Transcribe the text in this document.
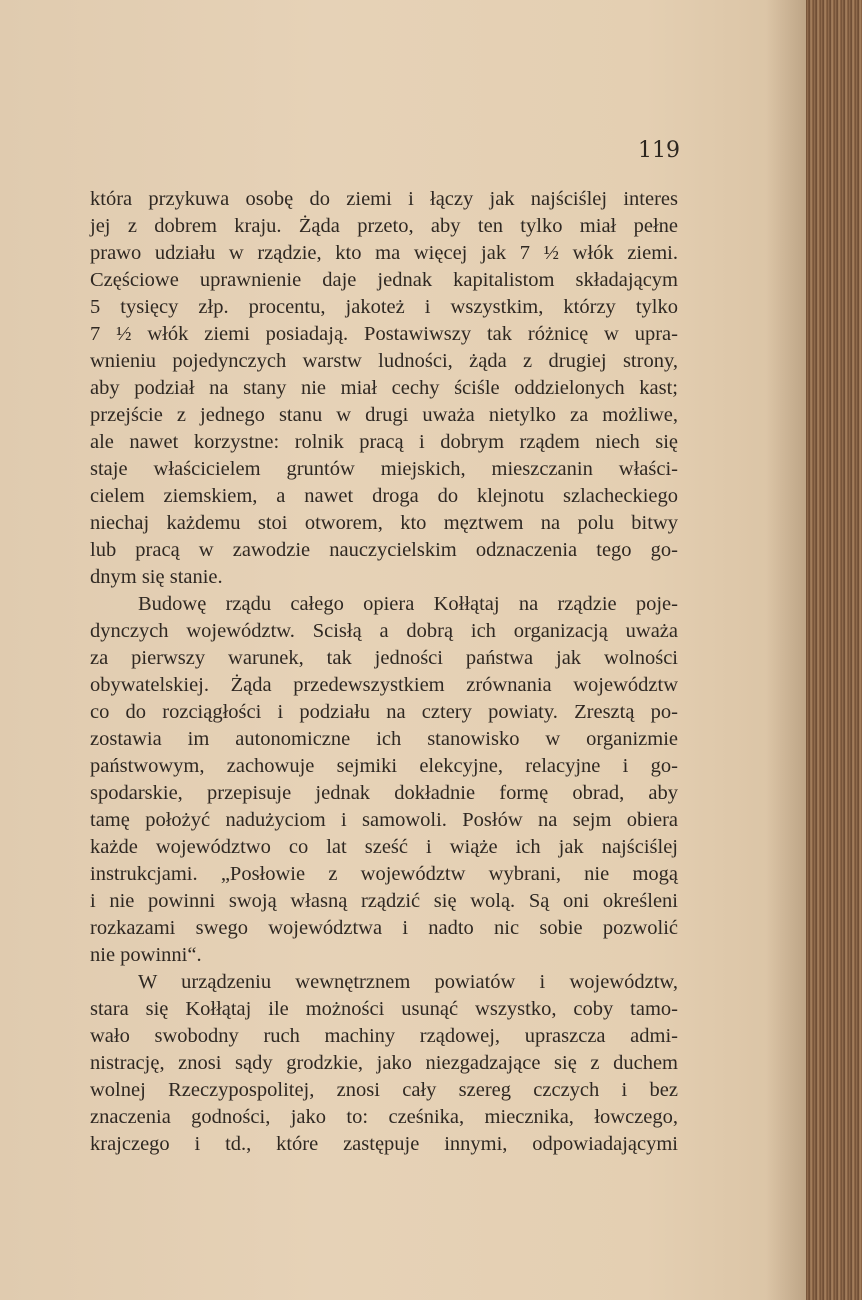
119
która przykuwa osobę do ziemi i łączy jak najściślej interes
jej z dobrem kraju. Żąda przeto, aby ten tylko miał pełne
prawo udziału w rządzie, kto ma więcej jak 7 ½ włók ziemi.
Częściowe uprawnienie daje jednak kapitalistom składającym
5 tysięcy złp. procentu, jakoteż i wszystkim, którzy tylko
7 ½ włók ziemi posiadają. Postawiwszy tak różnicę w upra-
wnieniu pojedynczych warstw ludności, żąda z drugiej strony,
aby podział na stany nie miał cechy ściśle oddzielonych kast;
przejście z jednego stanu w drugi uważa nietylko za możliwe,
ale nawet korzystne: rolnik pracą i dobrym rządem niech się
staje właścicielem gruntów miejskich, mieszczanin właści-
cielem ziemskiem, a nawet droga do klejnotu szlacheckiego
niechaj każdemu stoi otworem, kto męztwem na polu bitwy
lub pracą w zawodzie nauczycielskim odznaczenia tego go-
dnym się stanie.
Budowę rządu całego opiera Kołłątaj na rządzie poje-
dynczych województw. Scisłą a dobrą ich organizacją uważa
za pierwszy warunek, tak jedności państwa jak wolności
obywatelskiej. Żąda przedewszystkiem zrównania województw
co do rozciągłości i podziału na cztery powiaty. Zresztą po-
zostawia im autonomiczne ich stanowisko w organizmie
państwowym, zachowuje sejmiki elekcyjne, relacyjne i go-
spodarskie, przepisuje jednak dokładnie formę obrad, aby
tamę położyć nadużyciom i samowoli. Posłów na sejm obiera
każde województwo co lat sześć i wiąże ich jak najściślej
instrukcjami. „Posłowie z województw wybrani, nie mogą
i nie powinni swoją własną rządzić się wolą. Są oni określeni
rozkazami swego województwa i nadto nic sobie pozwolić
nie powinni“.
W urządzeniu wewnętrznem powiatów i województw,
stara się Kołłątaj ile możności usunąć wszystko, coby tamo-
wało swobodny ruch machiny rządowej, upraszcza admi-
nistrację, znosi sądy grodzkie, jako niezgadzające się z duchem
wolnej Rzeczypospolitej, znosi cały szereg czczych i bez
znaczenia godności, jako to: cześnika, miecznika, łowczego,
krajczego i td., które zastępuje innymi, odpowiadającymi
